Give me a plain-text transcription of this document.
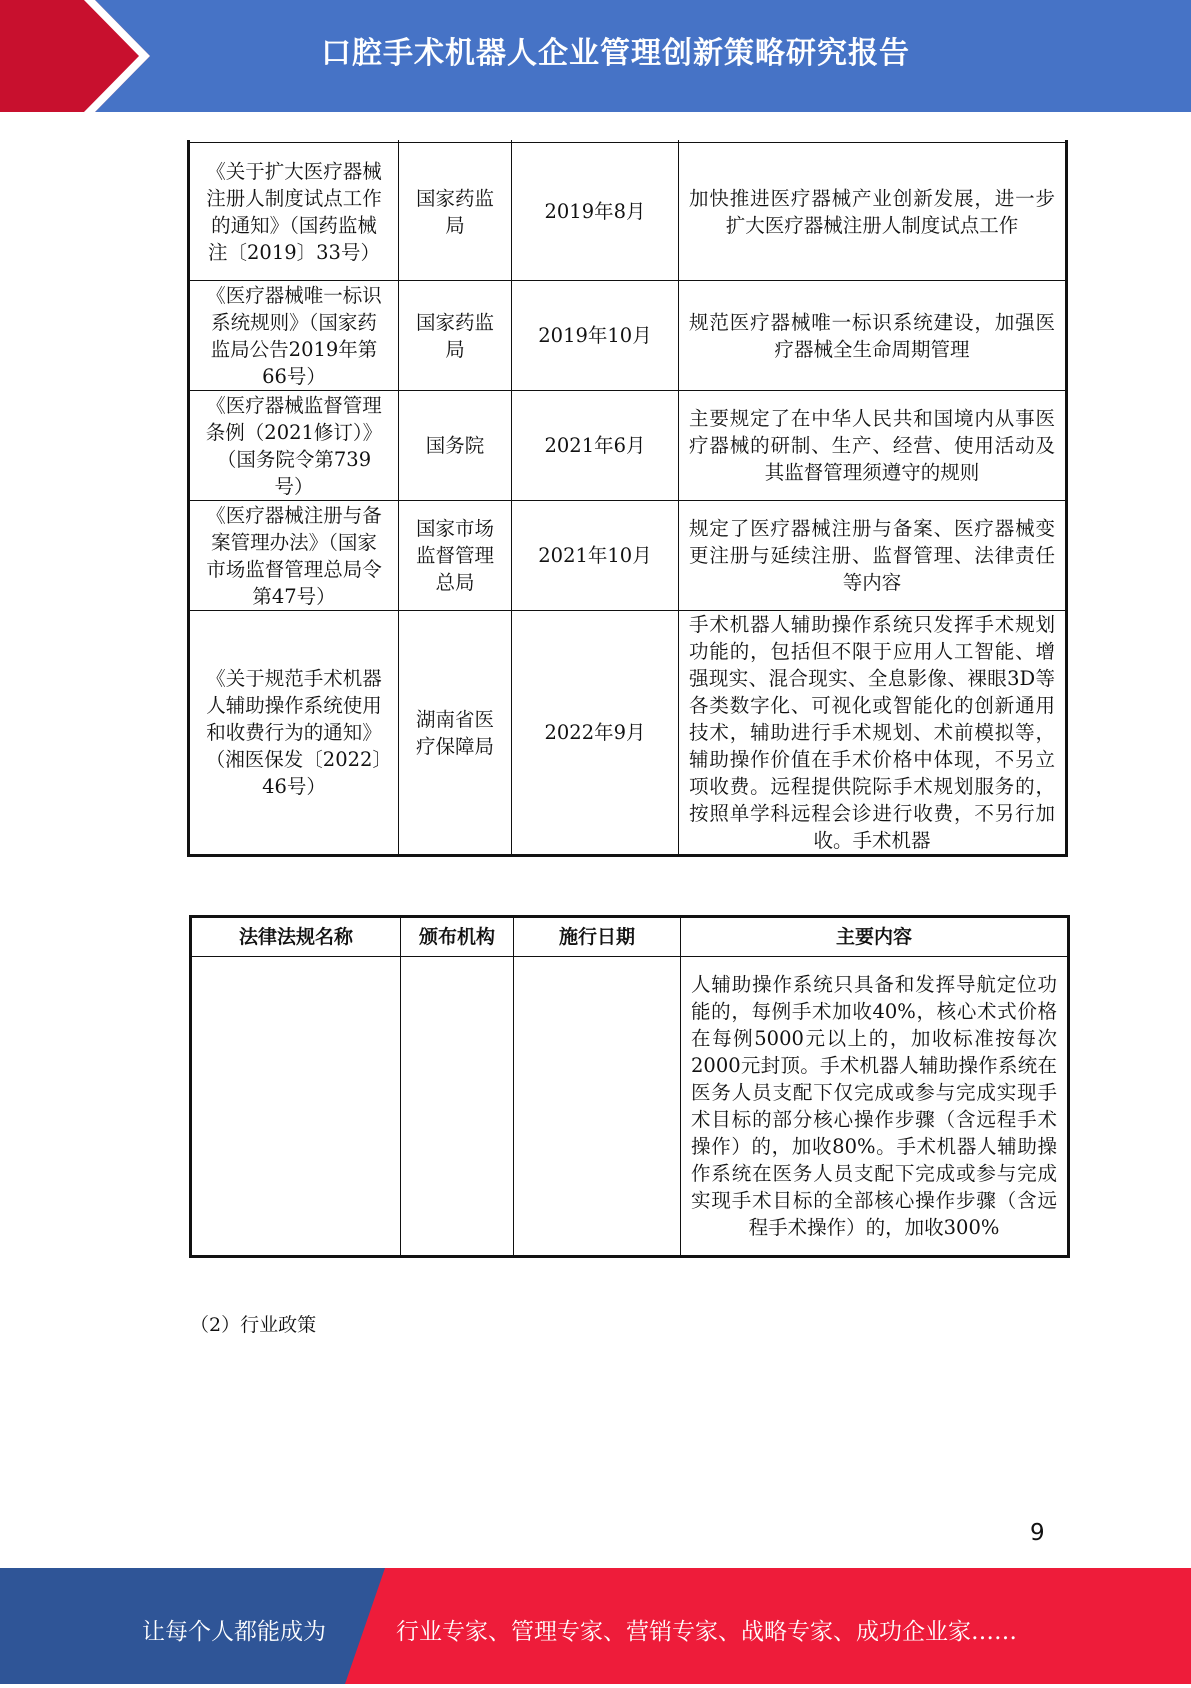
口腔手术机器人企业管理创新策略研究报告

《关于扩大医疗器械注册人制度试点工作的通知》（国药监械注〔2019〕33号）	国家药监局	2019年8月	加快推进医疗器械产业创新发展，进一步扩大医疗器械注册人制度试点工作
《医疗器械唯一标识系统规则》（国家药监局公告2019年第66号）	国家药监局	2019年10月	规范医疗器械唯一标识系统建设，加强医疗器械全生命周期管理
《医疗器械监督管理条例（2021修订）》（国务院令第739号）	国务院	2021年6月	主要规定了在中华人民共和国境内从事医疗器械的研制、生产、经营、使用活动及其监督管理须遵守的规则
《医疗器械注册与备案管理办法》（国家市场监督管理总局令第47号）	国家市场监督管理总局	2021年10月	规定了医疗器械注册与备案、医疗器械变更注册与延续注册、监督管理、法律责任等内容
《关于规范手术机器人辅助操作系统使用和收费行为的通知》（湘医保发〔2022〕46号）	湖南省医疗保障局	2022年9月	手术机器人辅助操作系统只发挥手术规划功能的，包括但不限于应用人工智能、增强现实、混合现实、全息影像、裸眼3D等各类数字化、可视化或智能化的创新通用技术，辅助进行手术规划、术前模拟等，辅助操作价值在手术价格中体现，不另立项收费。远程提供院际手术规划服务的，按照单学科远程会诊进行收费，不另行加收。手术机器
法律法规名称	颁布机构	施行日期	主要内容
			人辅助操作系统只具备和发挥导航定位功能的，每例手术加收40%，核心术式价格在每例5000元以上的，加收标准按每次2000元封顶。手术机器人辅助操作系统在医务人员支配下仅完成或参与完成实现手术目标的部分核心操作步骤（含远程手术操作）的，加收80%。手术机器人辅助操作系统在医务人员支配下完成或参与完成实现手术目标的全部核心操作步骤（含远程手术操作）的，加收300%
（2）行业政策
9
让每个人都能成为	行业专家、管理专家、营销专家、战略专家、成功企业家……
